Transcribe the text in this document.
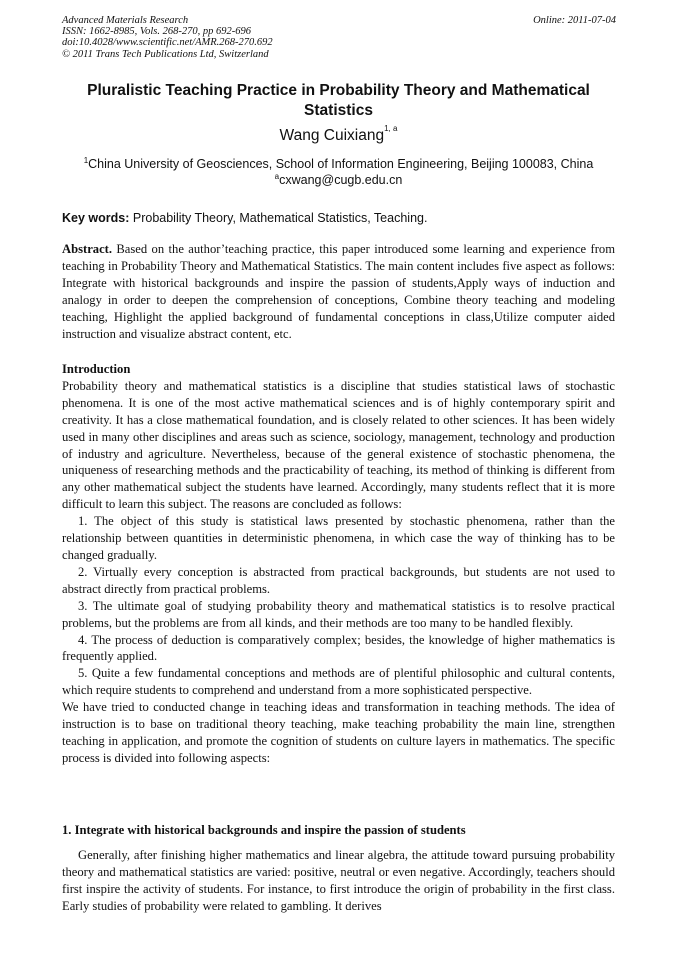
Advanced Materials Research
ISSN: 1662-8985, Vols. 268-270, pp 692-696
doi:10.4028/www.scientific.net/AMR.268-270.692
© 2011 Trans Tech Publications Ltd, Switzerland
Online: 2011-07-04
Pluralistic Teaching Practice in Probability Theory and Mathematical Statistics
Wang Cuixiang$^{1, a}$
$^1$China University of Geosciences, School of Information Engineering, Beijing 100083, China
$^a$cxwang@cugb.edu.cn
Key words: Probability Theory, Mathematical Statistics, Teaching.

Abstract. Based on the author’teaching practice, this paper introduced some learning and experience from teaching in Probability Theory and Mathematical Statistics. The main content includes five aspect as follows: Integrate with historical backgrounds and inspire the passion of students,Apply ways of induction and analogy in order to deepen the comprehension of conceptions, Combine theory teaching and modeling teaching, Highlight the applied background of fundamental conceptions in class,Utilize computer aided instruction and visualize abstract content, etc.

Introduction

Probability theory and mathematical statistics is a discipline that studies statistical laws of stochastic phenomena. It is one of the most active mathematical sciences and is of highly contemporary spirit and creativity. It has a close mathematical foundation, and is closely related to other sciences. It has been widely used in many other disciplines and areas such as science, sociology, management, technology and production of industry and agriculture. Nevertheless, because of the general existence of stochastic phenomena, the uniqueness of researching methods and the practicability of teaching, its method of thinking is different from any other mathematical subject the students have learned. Accordingly, many students reflect that it is more difficult to learn this subject. The reasons are concluded as follows:

1. The object of this study is statistical laws presented by stochastic phenomena, rather than the relationship between quantities in deterministic phenomena, in which case the way of thinking has to be changed gradually.

2. Virtually every conception is abstracted from practical backgrounds, but students are not used to abstract directly from practical problems.

3. The ultimate goal of studying probability theory and mathematical statistics is to resolve practical problems, but the problems are from all kinds, and their methods are too many to be handled flexibly.

4. The process of deduction is comparatively complex; besides, the knowledge of higher mathematics is frequently applied.

5. Quite a few fundamental conceptions and methods are of plentiful philosophic and cultural contents, which require students to comprehend and understand from a more sophisticated perspective.

We have tried to conducted change in teaching ideas and transformation in teaching methods. The idea of instruction is to base on traditional theory teaching, make teaching probability the main line, strengthen teaching in application, and promote the cognition of students on culture layers in mathematics. The specific process is divided into following aspects:

1. Integrate with historical backgrounds and inspire the passion of students

Generally, after finishing higher mathematics and linear algebra, the attitude toward pursuing probability theory and mathematical statistics are varied: positive, neutral or even negative. Accordingly, teachers should first inspire the activity of students. For instance, to first introduce the origin of probability in the first class. Early studies of probability were related to gambling. It derives
